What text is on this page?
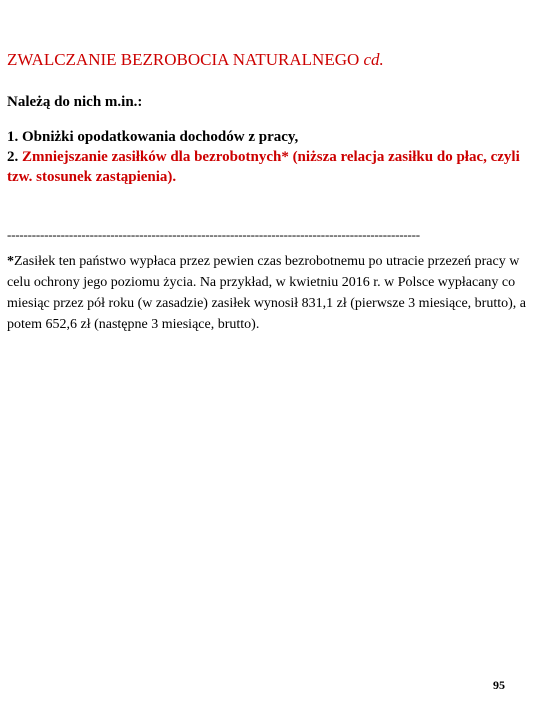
ZWALCZANIE BEZROBOCIA NATURALNEGO cd.
Należą do nich m.in.:
1. Obniżki opodatkowania dochodów z pracy,
2. Zmniejszanie zasiłków dla bezrobotnych* (niższa relacja zasiłku do płac, czyli tzw. stosunek zastąpienia).
----------------------------------------------------------------------------------------------------
*Zasiłek ten państwo wypłaca przez pewien czas bezrobotnemu po utracie przezeń pracy w celu ochrony jego poziomu życia. Na przykład, w kwietniu 2016 r. w Polsce wypłacany co miesiąc przez pół roku (w zasadzie) zasiłek wynosił 831,1 zł (pierwsze 3 miesiące, brutto), a potem 652,6 zł (następne 3 miesiące, brutto).
95
